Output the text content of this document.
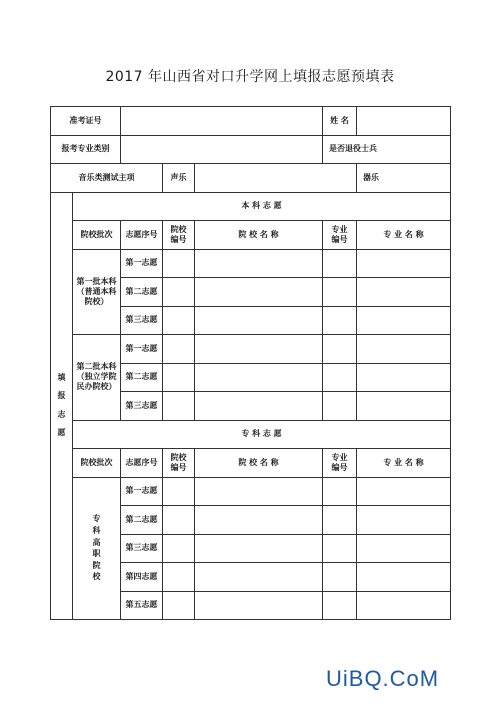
2017 年山西省对口升学网上填报志愿预填表
准考证号					姓 名	
报考专业类别					是否退役士兵	
音乐类测试主项			声乐			器乐
填报志愿	本 科 志 愿					
	院校批次	志愿序号	院校编号	院 校 名 称	专业编号	专 业 名 称
	第一批本科（普通本科院校）	第一志愿				
		第二志愿				
		第三志愿				
	第二批本科（独立学院民办院校）	第一志愿				
		第二志愿				
		第三志愿				
	专 科 志 愿					
	院校批次	志愿序号	院校编号	院 校 名 称	专业编号	专 业 名 称
	专科高职院校	第一志愿				
		第二志愿				
		第三志愿				
		第四志愿				
		第五志愿				
UiBQ.CoM
